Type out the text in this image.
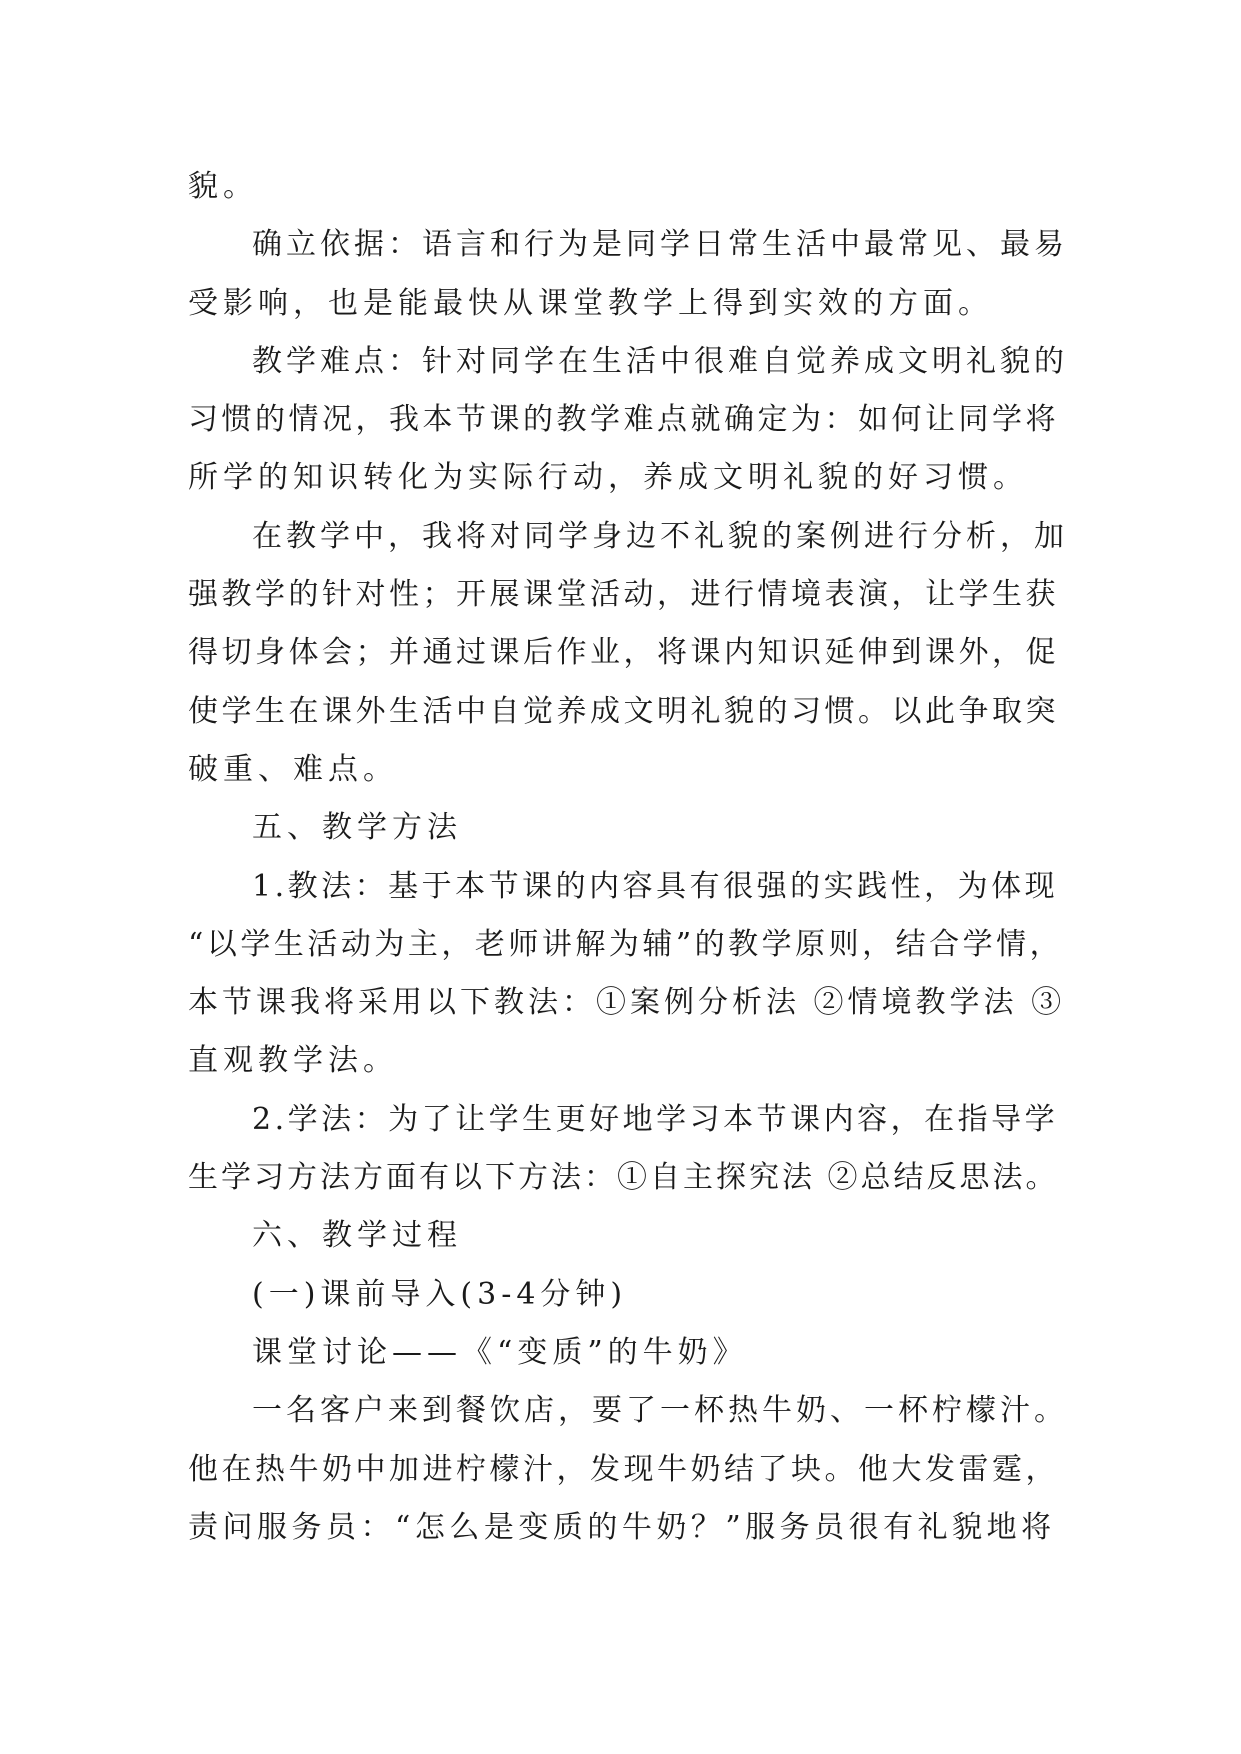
貌。
确立依据：语言和行为是同学日常生活中最常见、最易
受影响，也是能最快从课堂教学上得到实效的方面。
教学难点：针对同学在生活中很难自觉养成文明礼貌的
习惯的情况，我本节课的教学难点就确定为：如何让同学将
所学的知识转化为实际行动，养成文明礼貌的好习惯。
在教学中，我将对同学身边不礼貌的案例进行分析，加
强教学的针对性；开展课堂活动，进行情境表演，让学生获
得切身体会；并通过课后作业，将课内知识延伸到课外，促
使学生在课外生活中自觉养成文明礼貌的习惯。以此争取突
破重、难点。
五、教学方法
1.教法：基于本节课的内容具有很强的实践性，为体现
“以学生活动为主，老师讲解为辅”的教学原则，结合学情，
本节课我将采用以下教法：①案例分析法 ②情境教学法 ③
直观教学法。
2.学法：为了让学生更好地学习本节课内容，在指导学
生学习方法方面有以下方法：①自主探究法 ②总结反思法。
六、教学过程
(一)课前导入(3-4分钟)
课堂讨论——《“变质”的牛奶》
一名客户来到餐饮店，要了一杯热牛奶、一杯柠檬汁。
他在热牛奶中加进柠檬汁，发现牛奶结了块。他大发雷霆，
责问服务员：“怎么是变质的牛奶？”服务员很有礼貌地将
